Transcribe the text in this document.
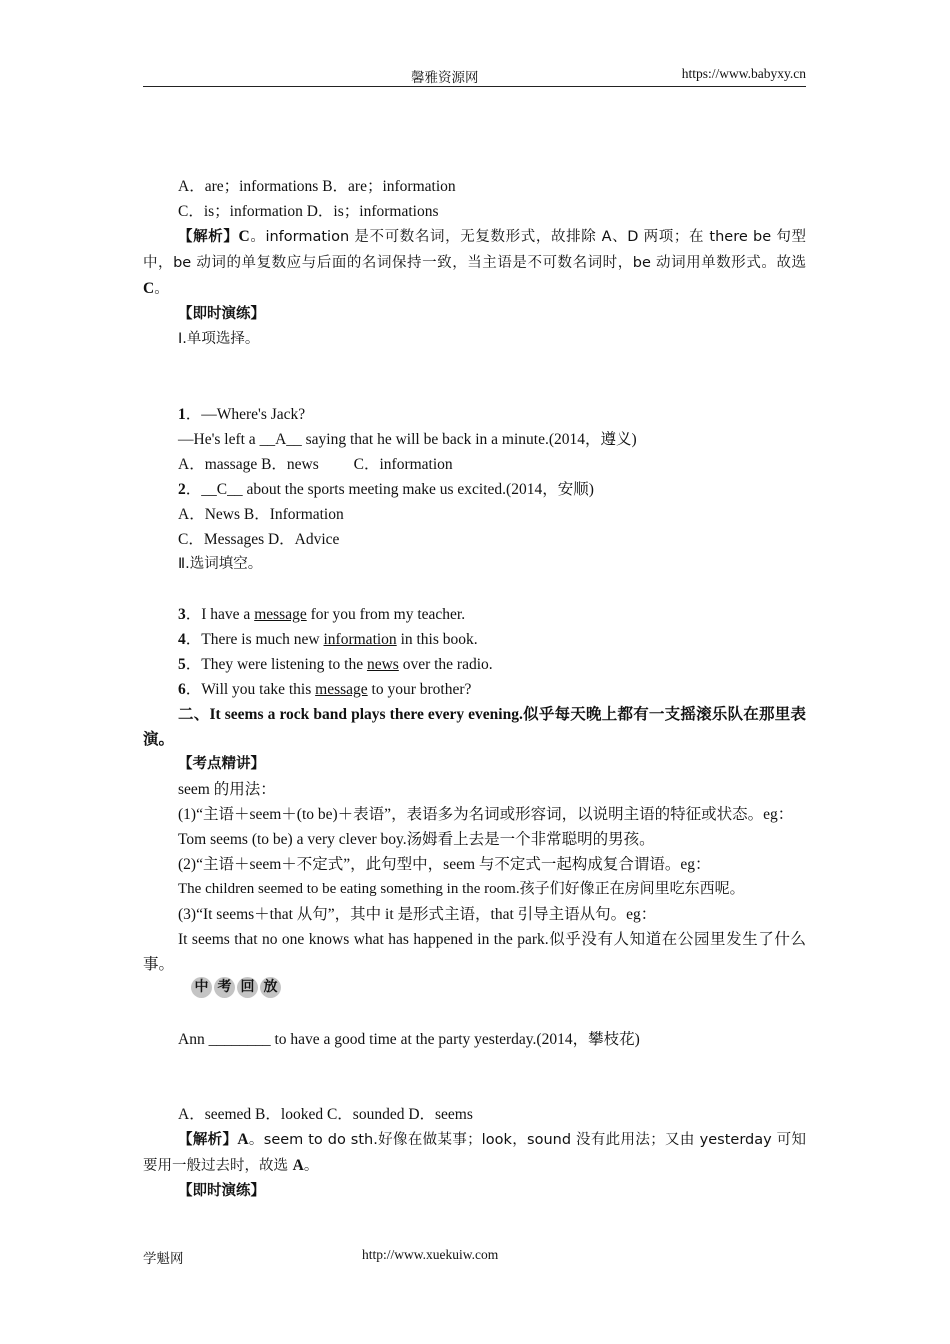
馨雅资源网	https://www.babyxy.cn
A．are；informations B．are；information
C．is；information D．is；informations
【解析】C。information 是不可数名词，无复数形式，故排除 A、D 两项；在 there be 句型中，be 动词的单复数应与后面的名词保持一致，当主语是不可数名词时，be 动词用单数形式。故选 C。
【即时演练】
Ⅰ.单项选择。
1．—Where's Jack?
—He's left a __A__ saying that he will be back in a minute.(2014，遵义)
A．massage B．news         C．information
2．__C__ about the sports meeting make us excited.(2014，安顺)
A．News B．Information
C．Messages D．Advice
Ⅱ.选词填空。
3．I have a message for you from my teacher.
4．There is much new information in this book.
5．They were listening to the news over the radio.
6．Will you take this message to your brother?
二、It seems a rock band plays there every evening.似乎每天晚上都有一支摇滚乐队在那里表演。
【考点精讲】
seem 的用法：
(1)“主语＋seem＋(to be)＋表语”，表语多为名词或形容词，以说明主语的特征或状态。eg：
Tom seems (to be) a very clever boy.汤姆看上去是一个非常聪明的男孩。
(2)“主语＋seem＋不定式”，此句型中，seem 与不定式一起构成复合谓语。eg：
The children seemed to be eating something in the room.孩子们好像正在房间里吃东西呢。
(3)“It seems＋that 从句”，其中 it 是形式主语，that 引导主语从句。eg：
It seems that no one knows what has happened in the park.似乎没有人知道在公园里发生了什么事。
中 考 回 放
Ann ________ to have a good time at the party yesterday.(2014，攀枝花)
A．seemed B．looked C．sounded D．seems
【解析】A。seem to do sth.好像在做某事；look，sound 没有此用法；又由 yesterday 可知要用一般过去时，故选 A。
【即时演练】
学魁网	http://www.xuekuiw.com
